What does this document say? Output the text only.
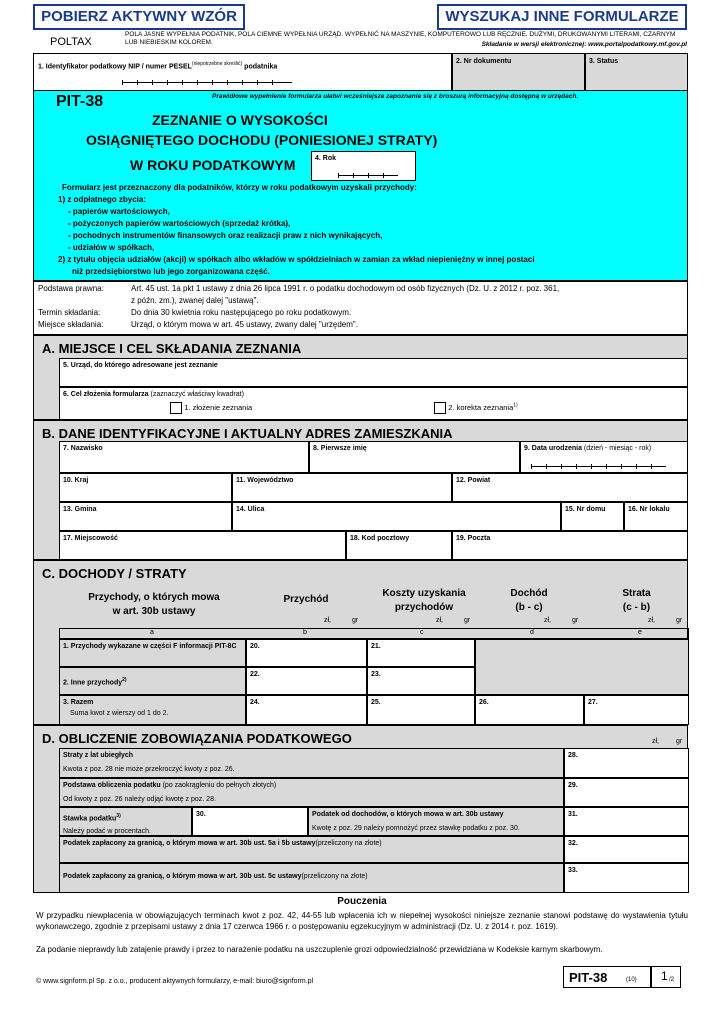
POBIERZ AKTYWNY WZÓR	WYSZUKAJ INNE FORMULARZE
POLTAX
POLA JASNE WYPEŁNIA PODATNIK, POLA CIEMNE WYPEŁNIA URZĄD. WYPEŁNIĆ NA MASZYNIE, KOMPUTEROWO LUB RĘCZNIE, DUŻYMI, DRUKOWANYMI LITERAMI, CZARNYM LUB NIEBIESKIM KOLOREM.	Składanie w wersji elektronicznej: www.portalpodatkowy.mf.gov.pl
1. Identyfikator podatkowy NIP / numer $PESEL^{(niepotrzebne skreślić)}$ podatnika
2. Nr dokumentu	3. Status
PIT-38	Prawidłowe wypełnienie formularza ułatwi wcześniejsze zapoznanie się z broszurą informacyjną dostępną w urzędach.
ZEZNANIE O WYSOKOŚCI
OSIĄGNIĘTEGO DOCHODU (PONIESIONEJ STRATY)
W ROKU PODATKOWYM	4. Rok
Formularz jest przeznaczony dla podatników, którzy w roku podatkowym uzyskali przychody:
1) z odpłatnego zbycia:
- papierów wartościowych,
- pożyczonych papierów wartościowych (sprzedaż krótka),
- pochodnych instrumentów finansowych oraz realizacji praw z nich wynikających,
- udziałów w spółkach,
2) z tytułu objęcia udziałów (akcji) w spółkach albo wkładów w spółdzielniach w zamian za wkład niepieniężny w innej postaci
niż przedsiębiorstwo lub jego zorganizowana część.
Podstawa prawna:	Art. 45 ust. 1a pkt 1 ustawy z dnia 26 lipca 1991 r. o podatku dochodowym od osób fizycznych (Dz. U. z 2012 r. poz. 361,
z późn. zm.), zwanej dalej "ustawą".
Termin składania:	Do dnia 30 kwietnia roku następującego po roku podatkowym.
Miejsce składania:	Urząd, o którym mowa w art. 45 ustawy, zwany dalej "urzędem".
A. MIEJSCE I CEL SKŁADANIA ZEZNANIA
5. Urząd, do którego adresowane jest zeznanie
6. Cel złożenia formularza (zaznaczyć właściwy kwadrat)
1. złożenie zeznania	2. korekta zeznania$^{1)}$
B. DANE IDENTYFIKACYJNE I AKTUALNY ADRES ZAMIESZKANIA
7. Nazwisko	8. Pierwsze imię	9. Data urodzenia (dzień - miesiąc - rok)
10. Kraj	11. Województwo	12. Powiat
13. Gmina	14. Ulica	15. Nr domu	16. Nr lokalu
17. Miejscowość	18. Kod pocztowy	19. Poczta
C. DOCHODY / STRATY
Przychody, o których mowa w art. 30b ustawy
Przychód
Koszty uzyskania przychodów
Dochód
(b - c)
Strata
(c - b)
zł,	gr	zł,	gr	zł,	gr	zł,	gr
a	b	c	d	e
1. Przychody wykazane w części F informacji PIT-8C	20.	21.
2. Inne przychody$^{2)}$
22.	23.
3. Razem
Suma kwot z wierszy od 1 do 2.
24.	25.	26.	27.
D. OBLICZENIE ZOBOWIĄZANIA PODATKOWEGO	zł, gr
Straty z lat ubiegłych
Kwota z poz. 28 nie może przekroczyć kwoty z poz. 26.
28.
Podstawa obliczenia podatku (po zaokrągleniu do pełnych złotych)
Od kwoty z poz. 26 należy odjąć kwotę z poz. 28.
29.
Stawka podatku$^{3)}$
Należy podać w procentach.
30.	Podatek od dochodów, o których mowa w art. 30b ustawy
Kwotę z poz. 29 należy pomnożyć przez stawkę podatku z poz. 30.
31.
Podatek zapłacony za granicą, o którym mowa w art. 30b ust. 5a i 5b ustawy(przeliczony na złote)	32.
Podatek zapłacony za granicą, o którym mowa w art. 30b ust. 5c ustawy(przeliczony na złote)
33.
Pouczenia
W przypadku niewpłacenia w obowiązujących terminach kwot z poz. 42, 44-55 lub wpłacenia ich w niepełnej wysokości niniejsze zeznanie stanowi podstawę do wystawienia tytułu wykonawczego, zgodnie z przepisami ustawy z dnia 17 czerwca 1966 r. o postępowaniu egzekucyjnym w administracji (Dz. U. z 2014 r. poz. 1619).
Za podanie nieprawdy lub zatajenie prawdy i przez to narażenie podatku na uszczuplenie grozi odpowiedzialność przewidziana w Kodeksie karnym skarbowym.
© www.signform.pl Sp. z o.o., producent aktywnych formularzy, e-mail: biuro@signform.pl	PIT-38	(10) 1 /2
